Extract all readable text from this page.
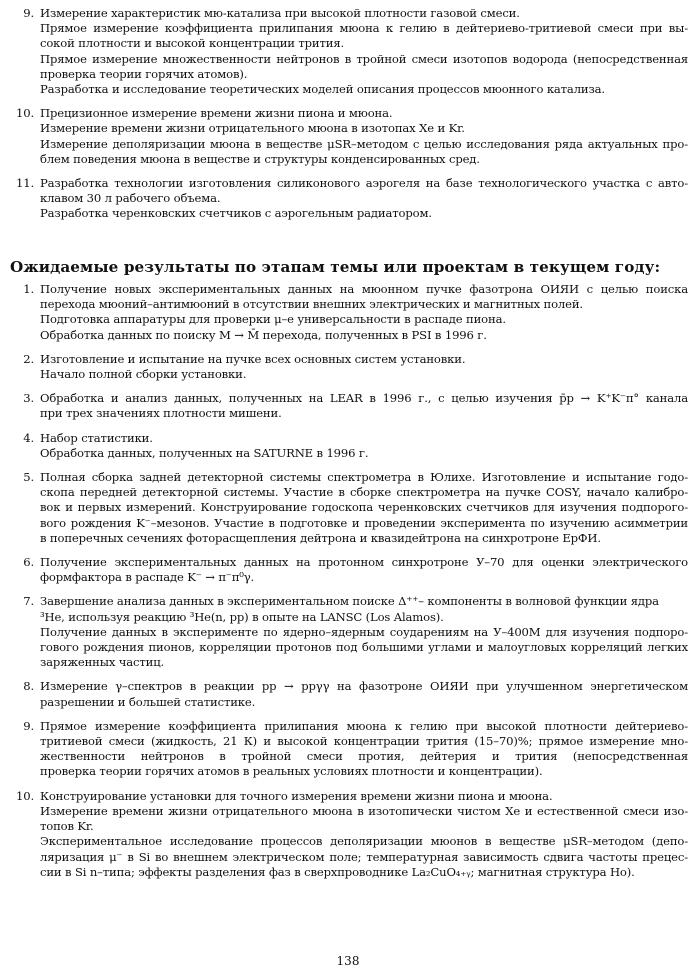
9. Измерение характеристик мю-катализа при высокой плотности газовой смеси.
Прямое измерение коэффициента прилипания мюона к гелию в дейтериево-тритиевой смеси при вы-
сокой плотности и высокой концентрации трития.
Прямое измерение множественности нейтронов в тройной смеси изотопов водорода (непосредственная
проверка теории горячих атомов).
Разработка и исследование теоретических моделей описания процессов мюонного катализа.
10. Прецизионное измерение времени жизни пиона и мюона.
Измерение времени жизни отрицательного мюона в изотопах Xe и Kr.
Измерение деполяризации мюона в веществе μSR–методом с целью исследования ряда актуальных про-
блем поведения мюона в веществе и структуры конденсированных сред.
11. Разработка технологии изготовления силиконового аэрогеля на базе технологического участка с авто-
клавом 30 л рабочего объема.
Разработка черенковских счетчиков с аэрогельным радиатором.
Ожидаемые результаты по этапам темы или проектам в текущем году:
1. Получение новых экспериментальных данных на мюонном пучке фазотрона ОИЯИ с целью поиска
перехода мюоний–антимюоний в отсутствии внешних электрических и магнитных полей.
Подготовка аппаратуры для проверки μ–e универсальности в распаде пиона.
Обработка данных по поиску M → M̄ перехода, полученных в PSI в 1996 г.
2. Изготовление и испытание на пучке всех основных систем установки.
Начало полной сборки установки.
3. Обработка и анализ данных, полученных на LEAR в 1996 г., с целью изучения p̄p → K⁺K⁻π° канала
при трех значениях плотности мишени.
4. Набор статистики.
Обработка данных, полученных на SATURNE в 1996 г.
5. Полная сборка задней детекторной системы спектрометра в Юлихе. Изготовление и испытание годо-
скопа передней детекторной системы. Участие в сборке спектрометра на пучке COSY, начало калибро-
вок и первых измерений. Конструирование годоскопа черенковских счетчиков для изучения подпорого-
вого рождения K⁻–мезонов. Участие в подготовке и проведении эксперимента по изучению асимметрии
в поперечных сечениях фоторасщепления дейтрона и квазидейтрона на синхротроне ЕрФИ.
6. Получение экспериментальных данных на протонном синхротроне У–70 для оценки электрического
формфактора в распаде K⁻ → π⁻π⁰γ.
7. Завершение анализа данных в экспериментальном поиске Δ⁺⁺– компоненты в волновой функции ядра
³He, используя реакцию ³He(n, pp) в опыте на LANSC (Los Alamos).
Получение данных в эксперименте по ядерно–ядерным соударениям на У–400М для изучения подпоро-
гового рождения пионов, корреляции протонов под большими углами и малоугловых корреляций легких
заряженных частиц.
8. Измерение γ–спектров в реакции pp → ppγγ на фазотроне ОИЯИ при улучшенном энергетическом
разрешении и большей статистике.
9. Прямое измерение коэффициента прилипания мюона к гелию при высокой плотности дейтериево-
тритиевой смеси (жидкость, 21 К) и высокой концентрации трития (15–70)%; прямое измерение мно-
жественности нейтронов в тройной смеси протия, дейтерия и трития (непосредственная
проверка теории горячих атомов в реальных условиях плотности и концентрации).
10. Конструирование установки для точного измерения времени жизни пиона и мюона.
Измерение времени жизни отрицательного мюона в изотопически чистом Xe и естественной смеси изо-
топов Kr.
Экспериментальное исследование процессов деполяризации мюонов в веществе μSR–методом (депо-
ляризация μ⁻ в Si во внешнем электрическом поле; температурная зависимость сдвига частоты прецес-
сии в Si n–типа; эффекты разделения фаз в сверхпроводнике La₂CuO₄₊ᵧ; магнитная структура Ho).
138
